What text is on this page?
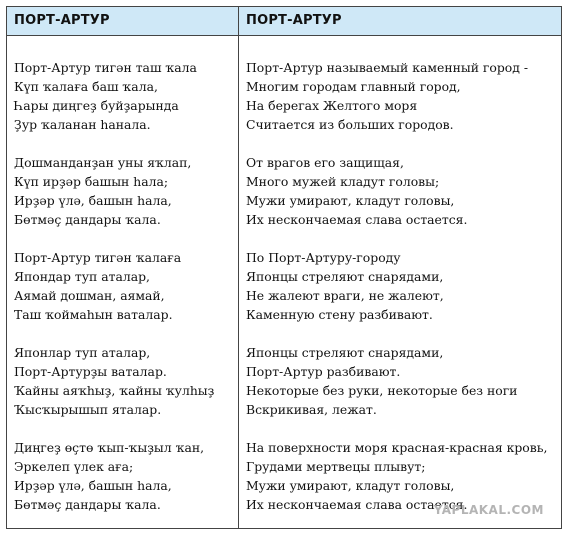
ПОРТ-АРТУР	ПОРТ-АРТУР
Порт-Артур тигән таш ҡала
Күп ҡалаға баш ҡала,
Һары диңгеҙ буйҙарында
Ҙур ҡаланан һанала.
Дошманданҙан уны яҡлап,
Күп ирҙәр башын һала;
Ирҙәр үлә, башын һала,
Бөтмәҫ дандары ҡала.
Порт-Артур тигән ҡалаға
Япондар туп аталар,
Аямай дошман, аямай,
Таш ҡоймаһын ваталар.
Японлар туп аталар,
Порт-Артурҙы ваталар.
Ҡайны аяҡһыҙ, ҡайны ҡулһыҙ
Ҡысҡырышып яталар.
Диңгеҙ өҫтө ҡып-ҡыҙыл ҡан,
Эркелеп үлек аға;
Ирҙәр үлә, башын һала,
Бөтмәҫ дандары ҡала.
Порт-Артур называемый каменный город -
Многим городам главный город,
На берегах Желтого моря
Считается из больших городов.
От врагов его защищая,
Много мужей кладут головы;
Мужи умирают, кладут головы,
Их нескончаемая слава остается.
По Порт-Артуру-городу
Японцы стреляют снарядами,
Не жалеют враги, не жалеют,
Каменную стену разбивают.
Японцы стреляют снарядами,
Порт-Артур разбивают.
Некоторые без руки, некоторые без ноги
Вскрикивая, лежат.
На поверхности моря красная-красная кровь,
Грудами мертвецы плывут;
Мужи умирают, кладут головы,
Их нескончаемая слава остается.
YAPLAKAL.COM
